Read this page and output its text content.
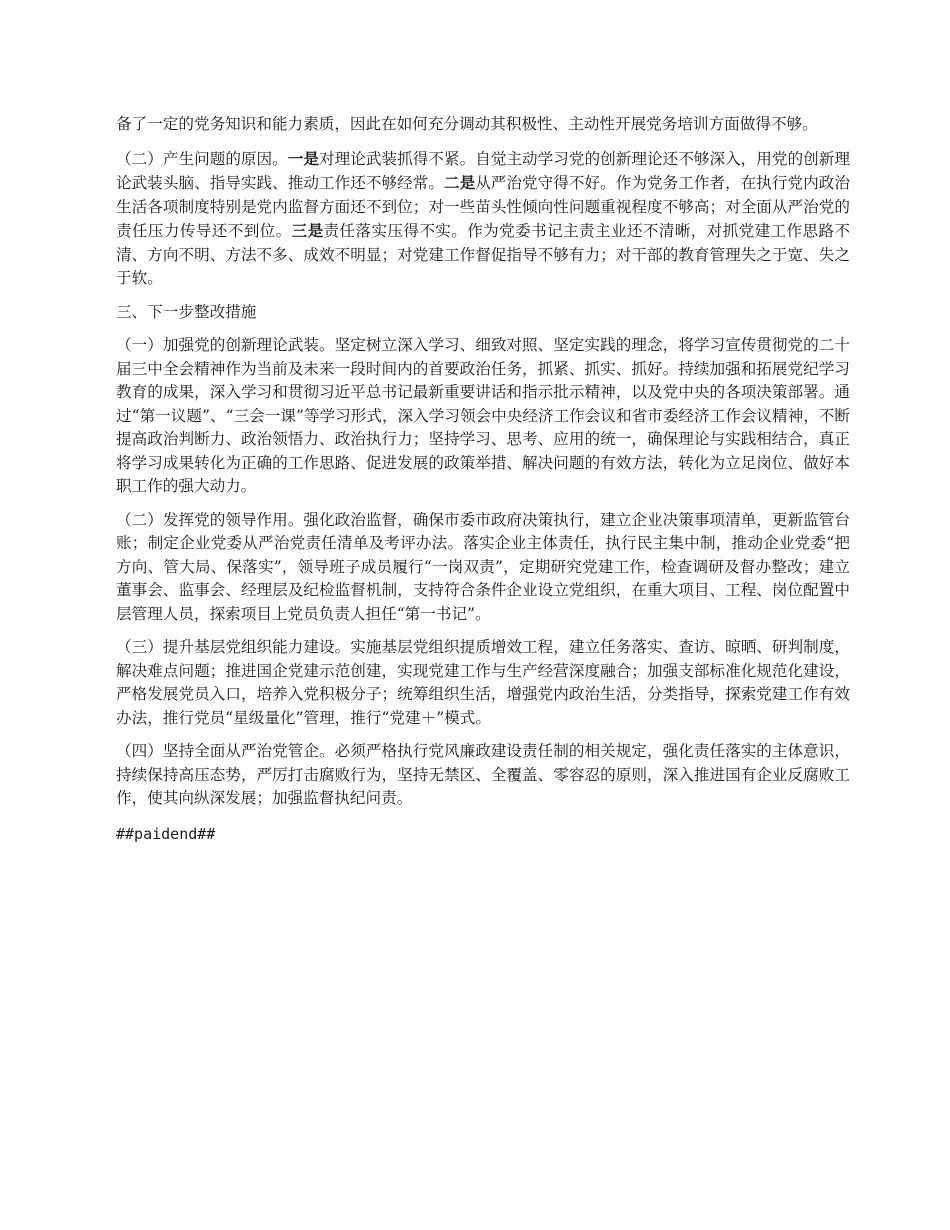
备了一定的党务知识和能力素质，因此在如何充分调动其积极性、主动性开展党务培训方面做得不够。

（二）产生问题的原因。一是对理论武装抓得不紧。自觉主动学习党的创新理论还不够深入，用党的创新理论武装头脑、指导实践、推动工作还不够经常。二是从严治党守得不好。作为党务工作者，在执行党内政治生活各项制度特别是党内监督方面还不到位；对一些苗头性倾向性问题重视程度不够高；对全面从严治党的责任压力传导还不到位。三是责任落实压得不实。作为党委书记主责主业还不清晰，对抓党建工作思路不清、方向不明、方法不多、成效不明显；对党建工作督促指导不够有力；对干部的教育管理失之于宽、失之于软。

三、下一步整改措施

（一）加强党的创新理论武装。坚定树立深入学习、细致对照、坚定实践的理念，将学习宣传贯彻党的二十届三中全会精神作为当前及未来一段时间内的首要政治任务，抓紧、抓实、抓好。持续加强和拓展党纪学习教育的成果，深入学习和贯彻习近平总书记最新重要讲话和指示批示精神，以及党中央的各项决策部署。通过“第一议题”、“三会一课”等学习形式，深入学习领会中央经济工作会议和省市委经济工作会议精神，不断提高政治判断力、政治领悟力、政治执行力；坚持学习、思考、应用的统一，确保理论与实践相结合，真正将学习成果转化为正确的工作思路、促进发展的政策举措、解决问题的有效方法，转化为立足岗位、做好本职工作的强大动力。

（二）发挥党的领导作用。强化政治监督，确保市委市政府决策执行，建立企业决策事项清单，更新监管台账；制定企业党委从严治党责任清单及考评办法。落实企业主体责任，执行民主集中制，推动企业党委“把方向、管大局、保落实”，领导班子成员履行“一岗双责”，定期研究党建工作，检查调研及督办整改；建立董事会、监事会、经理层及纪检监督机制，支持符合条件企业设立党组织，在重大项目、工程、岗位配置中层管理人员，探索项目上党员负责人担任“第一书记”。

（三）提升基层党组织能力建设。实施基层党组织提质增效工程，建立任务落实、查访、晾晒、研判制度，解决难点问题；推进国企党建示范创建，实现党建工作与生产经营深度融合；加强支部标准化规范化建设，严格发展党员入口，培养入党积极分子；统筹组织生活，增强党内政治生活，分类指导，探索党建工作有效办法，推行党员“星级量化”管理，推行“党建＋”模式。

（四）坚持全面从严治党管企。必须严格执行党风廉政建设责任制的相关规定，强化责任落实的主体意识，持续保持高压态势，严厉打击腐败行为，坚持无禁区、全覆盖、零容忍的原则，深入推进国有企业反腐败工作，使其向纵深发展；加强监督执纪问责。

##paidend##
